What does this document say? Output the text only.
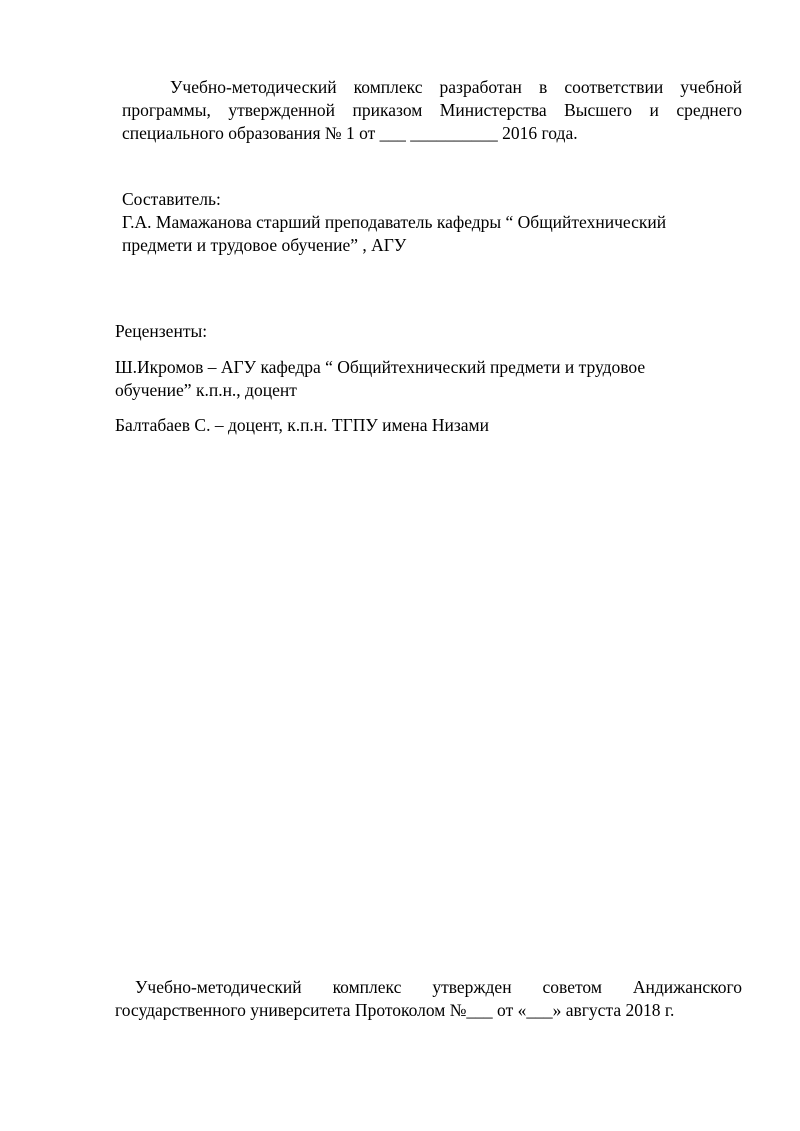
Учебно-методический комплекс разработан в соответствии учебной
программы, утвержденной приказом Министерства Высшего и среднего
специального образования № 1 от ___ __________ 2016 года.
Составитель:
Г.А. Мамажанова старший преподаватель кафедры “ Общийтехнический
предмети и трудовое обучение” , АГУ
Рецензенты:
Ш.Икромов – АГУ кафедра “ Общийтехнический предмети и трудовое
обучение” к.п.н., доцент
Балтабаев С. – доцент, к.п.н. ТГПУ имена Низами
Учебно-методический комплекс утвержден советом Андижанского
государственного университета Протоколом №___ от «___» августа 2018 г.
